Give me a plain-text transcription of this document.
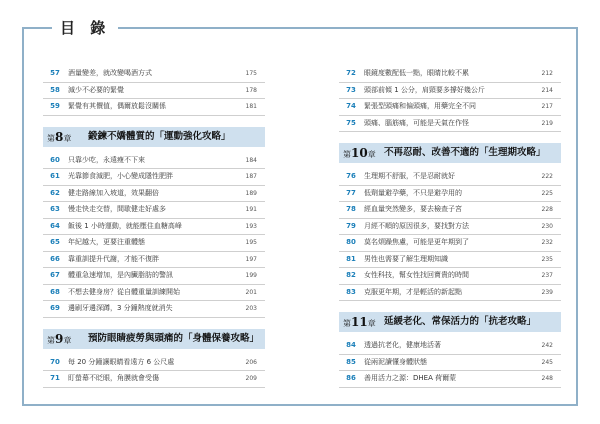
目 錄
57	酒量變差，就改變喝酒方式	175
58	減少不必要的緊覺	178
59	緊覺有其價值，偶爾放鬆沒關係	181
第8章 鍛鍊不嬌體質的「運動強化攻略」
60	只靠少吃，永遠瘦不下來	184
61	光靠節食減肥，小心變成隱性肥胖	187
62	健走路線加入坡道，效果翻倍	189
63	慢走快走交替，間歇健走好處多	191
64	飯後 1 小時運動，就能壓住血糖高峰	193
65	年紀越大，更要注重體態	195
66	靠重訓提升代謝，才能不復胖	197
67	體重急速增加，是內臟脂肪的警訊	199
68	不想去健身房？從自體重量訓練開始	201
69	邊刷牙邊深蹲，3 分鐘熱度就消失	203
第9章 預防眼睛疲勞與頭痛的「身體保養攻略」
70	每 20 分鐘讓眼睛看遠方 6 公尺處	206
71	盯螢幕不眨眼，角膜就會受傷	209
72	眼鏡度數配低一點，眼睛比較不累	212
73	頭部前傾 1 公分，肩頸要多撐好幾公斤	214
74	緊張型頭痛和偏頭痛，用藥完全不同	217
75	頭痛、腦筋痛，可能是天氣在作怪	219
第10章 不再忍耐、改善不適的「生理期攻略」
76	生理期不舒服，不是忍耐就好	222
77	低劑量避孕藥，不只是避孕用的	225
78	經血量突然變多，要去檢查子宮	228
79	月經不順的原因很多，要找對方法	230
80	莫名煩躁焦慮，可能是更年期到了	232
81	男性也需要了解生理期知識	235
82	女性科技，幫女性找回寶貴的時間	237
83	克服更年期，才是輕活的新起點	239
第11章 延緩老化、常保活力的「抗老攻略」
84	透過抗老化，健康地活著	242
85	從兩泥讀懂身體狀態	245
86	善用活力之源：DHEA 荷爾蒙	248
